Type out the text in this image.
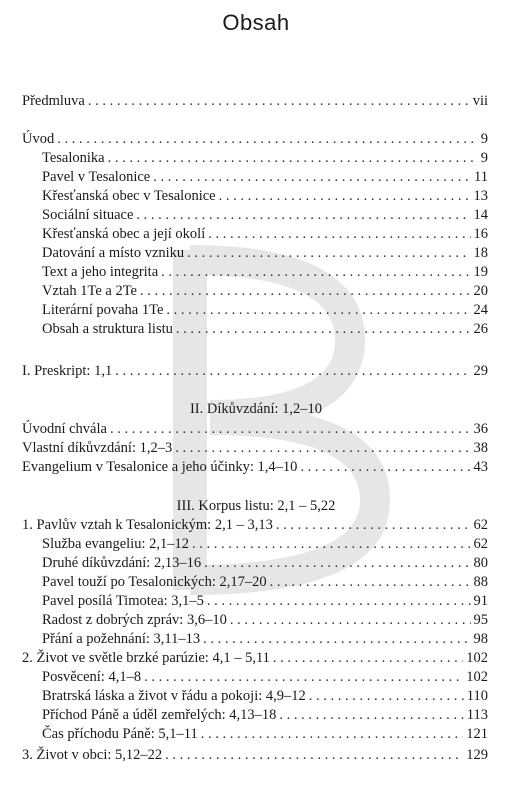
Obsah
Předmluva . . .	vii
Úvod . . .	9
Tesalonika . . .	9
Pavel v Tesalonice . . .	11
Křesťanská obec v Tesalonice . . .	13
Sociální situace . . .	14
Křesťanská obec a její okolí . . .	16
Datování a místo vzniku . . .	18
Text a jeho integrita . . .	19
Vztah 1Te a 2Te . . .	20
Literární povaha 1Te . . .	24
Obsah a struktura listu . . .	26
I. Preskript: 1,1 . . .	29
II. Díkůvzdání: 1,2–10
Úvodní chvála . . .	36
Vlastní díkůvzdání: 1,2–3 . . .	38
Evangelium v Tesalonice a jeho účinky: 1,4–10 . . .	43
III. Korpus listu: 2,1 – 5,22
1. Pavlův vztah k Tesalonickým: 2,1 – 3,13 . . .	62
Služba evangeliu: 2,1–12 . . .	62
Druhé díkůvzdání: 2,13–16 . . .	80
Pavel touží po Tesalonických: 2,17–20 . . .	88
Pavel posílá Timotea: 3,1–5 . . .	91
Radost z dobrých zpráv: 3,6–10 . . .	95
Přání a požehnání: 3,11–13 . . .	98
2. Život ve světle brzké parúzie: 4,1 – 5,11 . . .	102
Posvěcení: 4,1–8 . . .	102
Bratrská láska a život v řádu a pokoji: 4,9–12 . . .	110
Příchod Páně a úděl zemřelých: 4,13–18 . . .	113
Čas příchodu Páně: 5,1–11 . . .	121
3. Život v obci: 5,12–22 . . .	129
